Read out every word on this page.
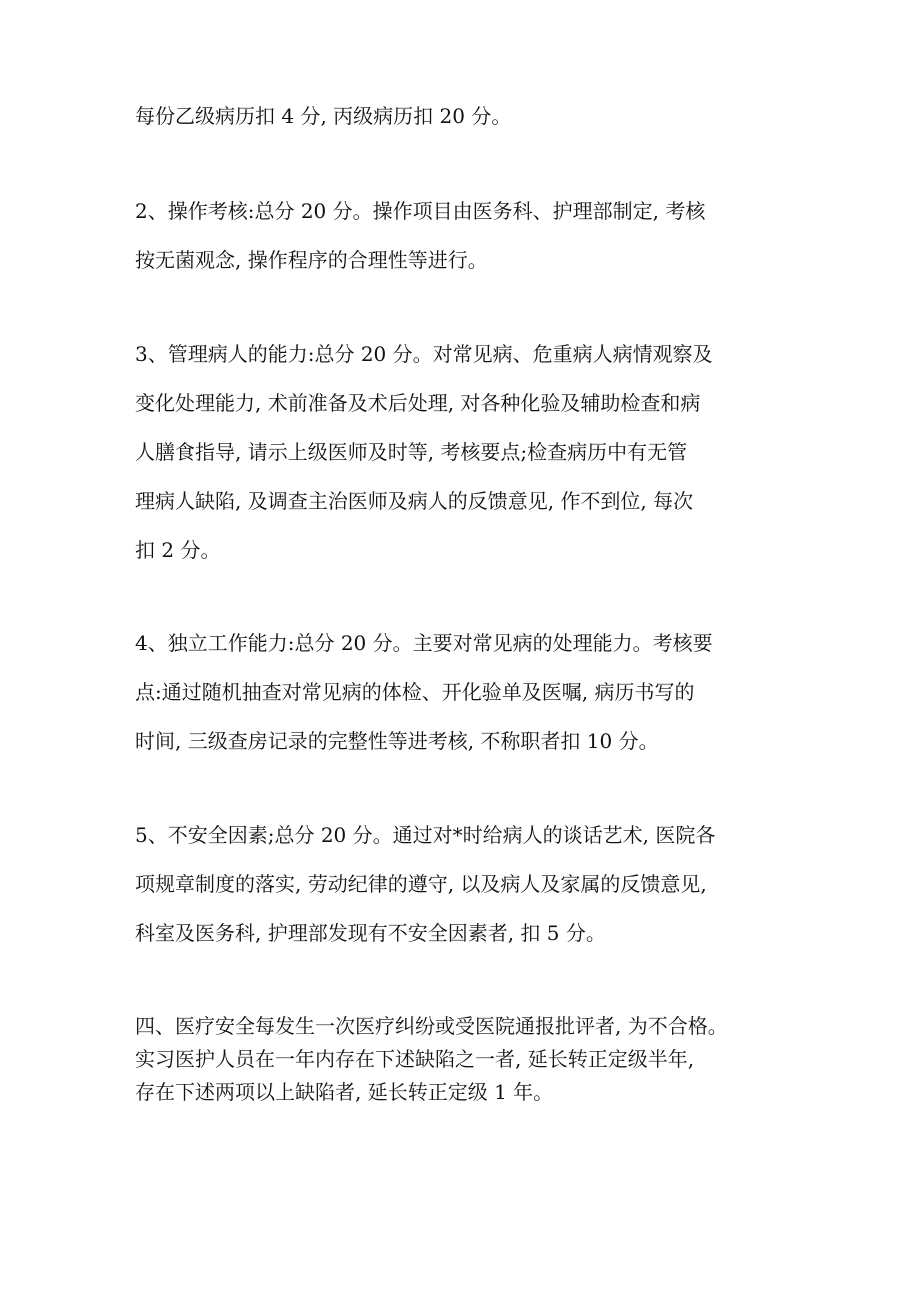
每份乙级病历扣 4 分, 丙级病历扣 20 分。
2、操作考核:总分 20 分。操作项目由医务科、护理部制定, 考核
按无菌观念, 操作程序的合理性等进行。
3、管理病人的能力:总分 20 分。对常见病、危重病人病情观察及
变化处理能力, 术前准备及术后处理, 对各种化验及辅助检查和病
人膳食指导, 请示上级医师及时等, 考核要点;检查病历中有无管
理病人缺陷, 及调查主治医师及病人的反馈意见, 作不到位, 每次
扣 2 分。
4、独立工作能力:总分 20 分。主要对常见病的处理能力。考核要
点:通过随机抽查对常见病的体检、开化验单及医嘱, 病历书写的
时间, 三级查房记录的完整性等进考核, 不称职者扣 10 分。
5、不安全因素;总分 20 分。通过对*时给病人的谈话艺术, 医院各
项规章制度的落实, 劳动纪律的遵守, 以及病人及家属的反馈意见,
科室及医务科, 护理部发现有不安全因素者, 扣 5 分。
四、医疗安全每发生一次医疗纠纷或受医院通报批评者, 为不合格。
实习医护人员在一年内存在下述缺陷之一者, 延长转正定级半年,
存在下述两项以上缺陷者, 延长转正定级 1 年。
